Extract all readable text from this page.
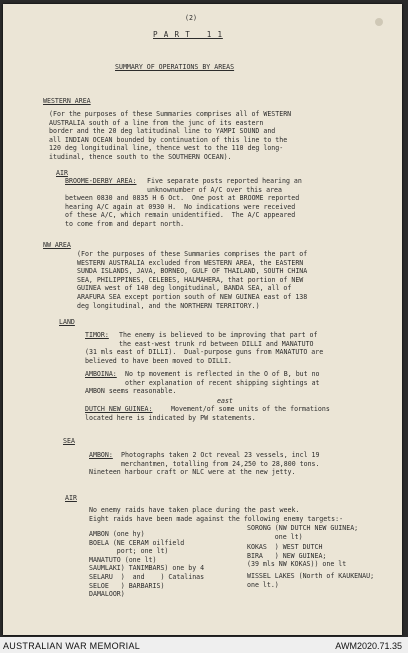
(2)
P A R T   1 1
SUMMARY OF OPERATIONS BY AREAS
WESTERN AREA
(For the purposes of these Summaries comprises all of WESTERN
AUSTRALIA south of a line from the junc of its eastern
border and the 20 deg latitudinal line to YAMPI SOUND and
all INDIAN OCEAN bounded by continuation of this line to the
120 deg longitudinal line, thence west to the 110 deg long-
itudinal, thence south to the SOUTHERN OCEAN).
AIR
BROOME-DERBY AREA: Five separate posts reported hearing an
unknownumber of A/C over this area
between 0830 and 0835 H 6 Oct.  One post at BROOME reported
hearing A/C again at 0930 H.  No indications were received
of these A/C, which remain unidentified.  The A/C appeared
to come from and depart north.
NW AREA
(For the purposes of these Summaries comprises the part of
WESTERN AUSTRALIA excluded from WESTERN AREA, the EASTERN
SUNDA ISLANDS, JAVA, BORNEO, GULF OF THAILAND, SOUTH CHINA
SEA, PHILIPPINES, CELEBES, HALMAHERA, that portion of NEW
GUINEA west of 140 deg longitudinal, BANDA SEA, all of
ARAFURA SEA except portion south of NEW GUINEA east of 138
deg longitudinal, and the NORTHERN TERRITORY.)
LAND
TIMOR: The enemy is believed to be improving that part of
the east-west trunk rd between DILLI and MANATUTO
(31 mls east of DILLI).  Dual-purpose guns from MANATUTO are
believed to have been moved to DILLI.
AMBOINA: No tp movement is reflected in the O of B, but no
other explanation of recent shipping sightings at
AMBON seems reasonable.
east
DUTCH NEW GUINEA:	Movement/of some units of the formations
located here is indicated by PW statements.
SEA
AMBON: Photographs taken 2 Oct reveal 23 vessels, incl 19
merchantmen, totalling from 24,250 to 28,800 tons.
Nineteen harbour craft or NLC were at the new jetty.
AIR
No enemy raids have taken place during the past week.
Eight raids have been made against the following enemy targets:-
AMBON (one hy)
BOELA (NE CERAM oilfield
port; one lt)
MANATUTO (one lt)
SAUMLAKI) TANIMBARS) one by 4
SELARU  )  and    ) Catalinas
SELOE   ) BARBARIS)
DAMALOOR)
SORONG (NW DUTCH NEW GUINEA;
one lt)
KOKAS  ) WEST DUTCH
BIRA   ) NEW GUINEA;
(39 mls NW KOKAS)) one lt
WISSEL LAKES (North of KAUKENAU;
one lt.)
AUSTRALIAN WAR MEMORIAL	AWM2020.71.35
